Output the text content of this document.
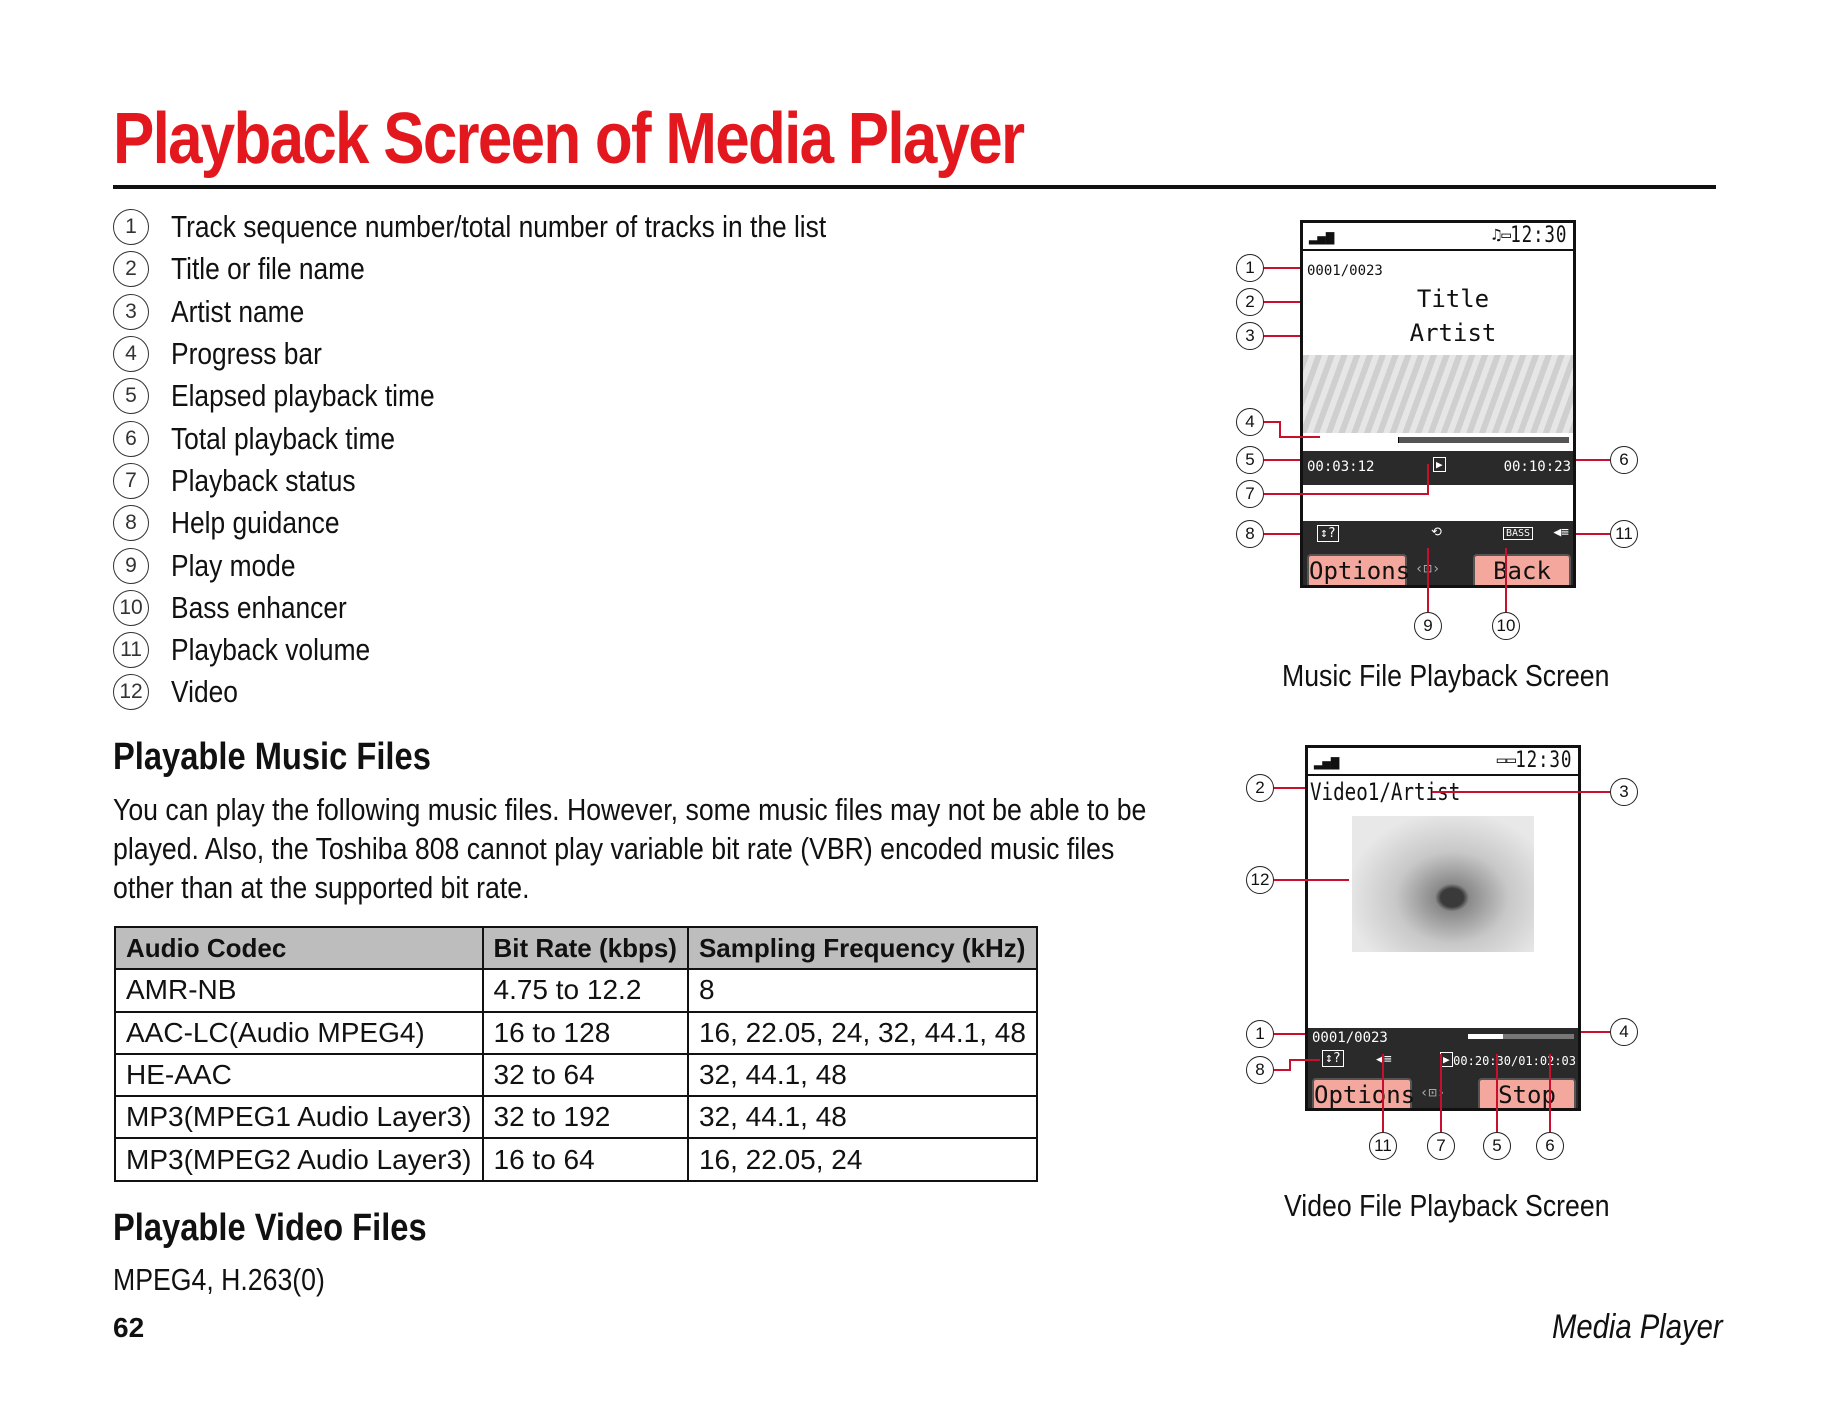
Playback Screen of Media Player
1	Track sequence number/total number of tracks in the list
2	Title or file name
3	Artist name
4	Progress bar
5	Elapsed playback time
6	Total playback time
7	Playback status
8	Help guidance
9	Play mode
10 Bass enhancer
11 Playback volume
12 Video
Playable Music Files
You can play the following music files. However, some music files may not be able to be
played. Also, the Toshiba 808 cannot play variable bit rate (VBR) encoded music files
other than at the supported bit rate.
Audio Codec	Bit Rate (kbps)	Sampling Frequency (kHz)
AMR-NB	4.75 to 12.2	8
AAC-LC(Audio MPEG4)	16 to 128	16, 22.05, 24, 32, 44.1, 48
HE-AAC	32 to 64	32, 44.1, 48
MP3(MPEG1 Audio Layer3)	32 to 192	32, 44.1, 48
MP3(MPEG2 Audio Layer3)	16 to 64	16, 22.05, 24
Playable Video Files
MPEG4, H.263(0)
62	Media Player
▂▄▆	♫▭ 12:30
0001/0023
Title
Artist
00:03:12	▶	00:10:23
↕?	⟲	BASS ◀≡
Options ‹⊡›	Back
Music File Playback Screen
▂▄▆	▭▭ 12:30
Video1/Artist
0001/0023
↕?	◀≡	▶ 00:20:30/01:02:03
Options ‹⊡›	Stop
Video File Playback Screen
1
2
3
4
5
7
8
6
11
9	10
2
12
1
8
3
4
11	7	5	6
